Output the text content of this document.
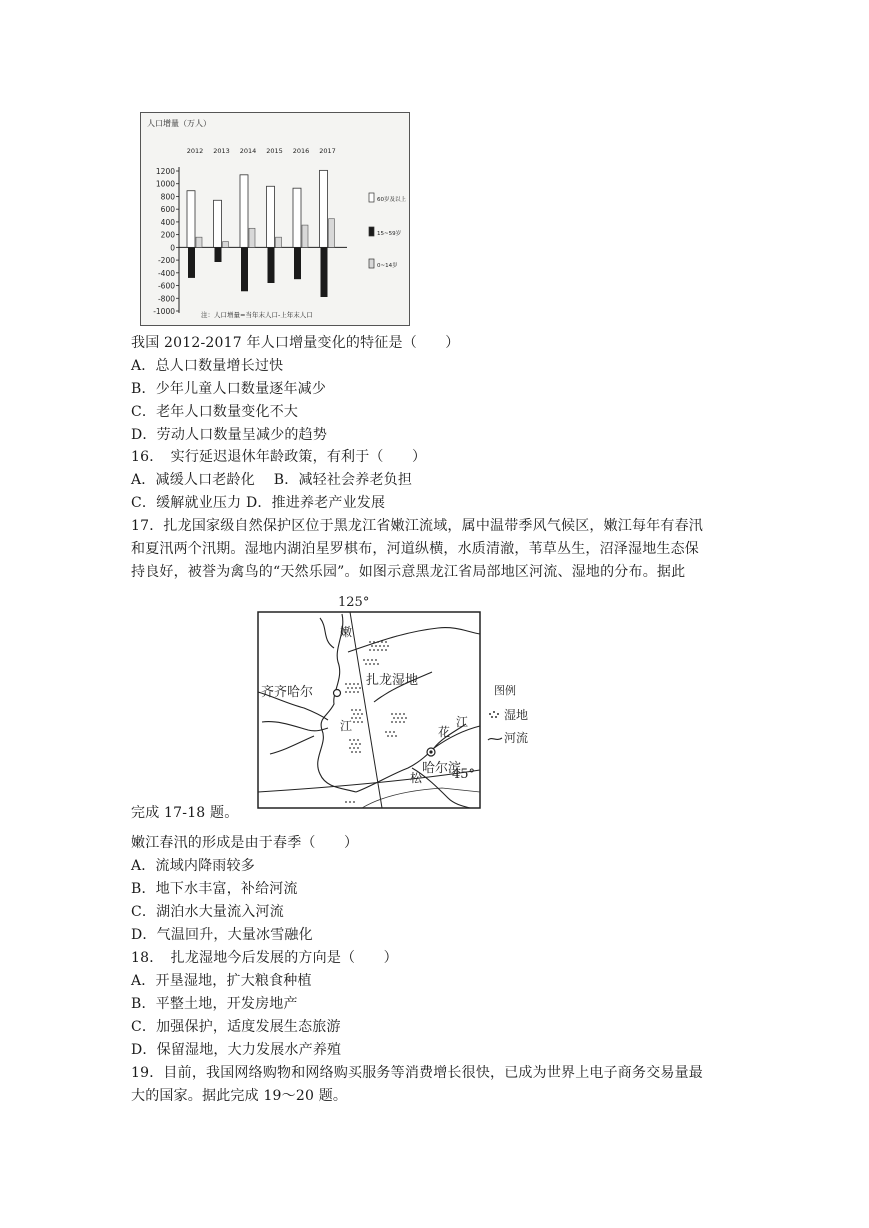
人口增量（万人）
2012 2013 2014 2015 2016 2017
1200
1000
800
600
400
200
0
-200
-400
-600
-800
-1000
60岁及以上
15~59岁
0~14岁
注：人口增量=当年末人口-上年末人口
我国 2012-2017 年人口增量变化的特征是（　　）
A．总人口数量增长过快
B．少年儿童人口数量逐年减少
C．老年人口数量变化不大
D．劳动人口数量呈减少的趋势
16．　实行延迟退休年龄政策，有利于（　　）
A．减缓人口老龄化　 B．减轻社会养老负担
C．缓解就业压力 D．推进养老产业发展
17．扎龙国家级自然保护区位于黑龙江省嫩江流域，属中温带季风气候区，嫩江每年有春汛
和夏汛两个汛期。湿地内湖泊星罗棋布，河道纵横，水质清澈，苇草丛生，沼泽湿地生态保
持良好，被誉为禽鸟的“天然乐园”。如图示意黑龙江省局部地区河流、湿地的分布。据此
125°
45°
齐齐哈尔
哈尔滨
扎龙湿地
嫩
江
松
花
江
图例
湿地
河流
完成 17-18 题。
嫩江春汛的形成是由于春季（　　）
A．流域内降雨较多
B．地下水丰富，补给河流
C．湖泊水大量流入河流
D．气温回升，大量冰雪融化
18．　扎龙湿地今后发展的方向是（　　）
A．开垦湿地，扩大粮食种植
B．平整土地，开发房地产
C．加强保护，适度发展生态旅游
D．保留湿地，大力发展水产养殖
19．目前，我国网络购物和网络购买服务等消费增长很快，已成为世界上电子商务交易量最
大的国家。据此完成 19～20 题。
